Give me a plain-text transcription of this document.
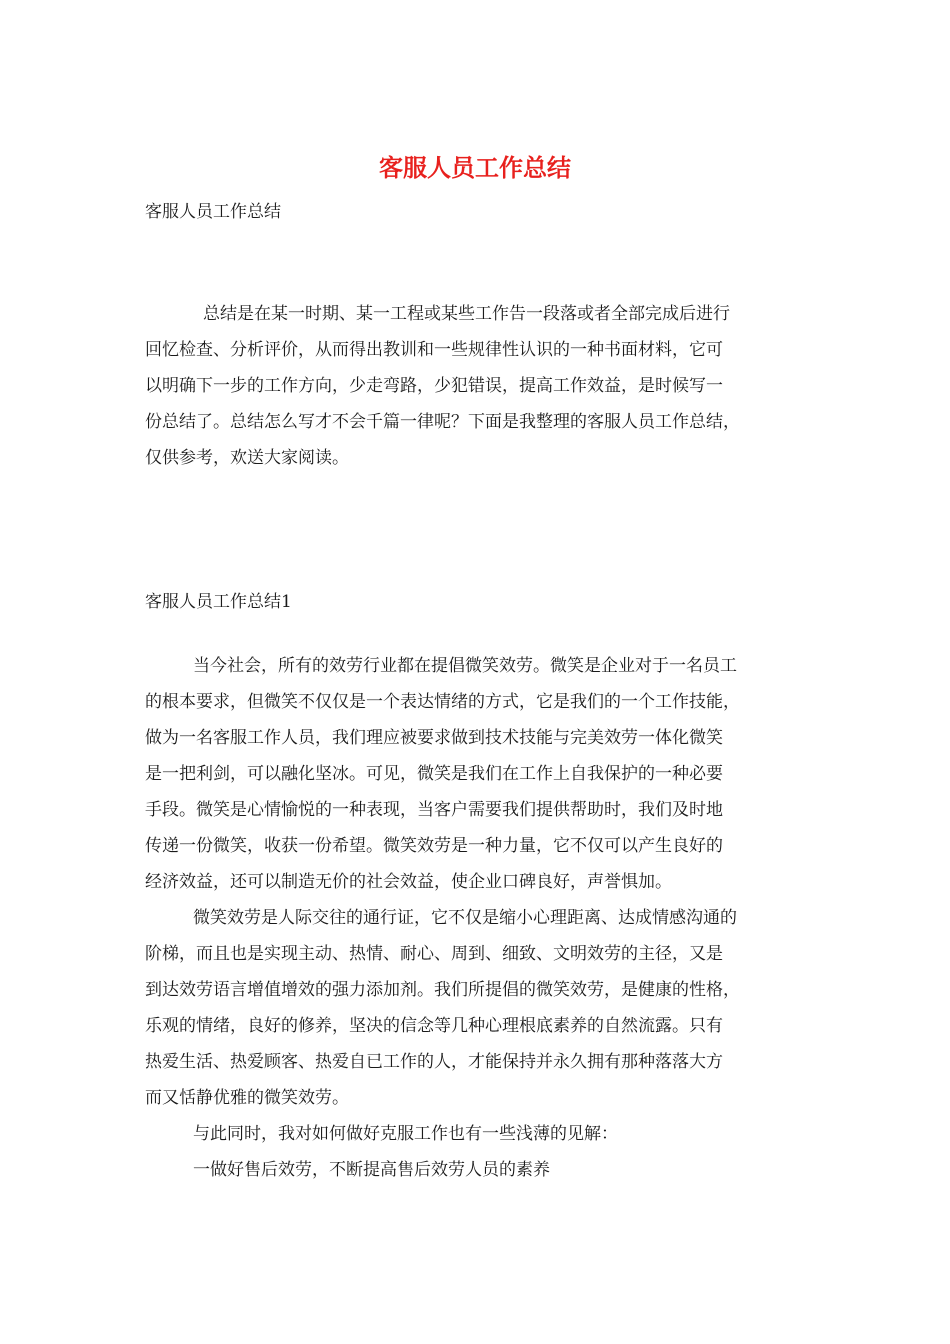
客服人员工作总结
客服人员工作总结
总结是在某一时期、某一工程或某些工作告一段落或者全部完成后进行
回忆检查、分析评价，从而得出教训和一些规律性认识的一种书面材料，它可
以明确下一步的工作方向，少走弯路，少犯错误，提高工作效益，是时候写一
份总结了。总结怎么写才不会千篇一律呢？下面是我整理的客服人员工作总结，
仅供参考，欢送大家阅读。
客服人员工作总结1
当今社会，所有的效劳行业都在提倡微笑效劳。微笑是企业对于一名员工
的根本要求，但微笑不仅仅是一个表达情绪的方式，它是我们的一个工作技能，
做为一名客服工作人员，我们理应被要求做到技术技能与完美效劳一体化微笑
是一把利剑，可以融化坚冰。可见，微笑是我们在工作上自我保护的一种必要
手段。微笑是心情愉悦的一种表现，当客户需要我们提供帮助时，我们及时地
传递一份微笑，收获一份希望。微笑效劳是一种力量，它不仅可以产生良好的
经济效益，还可以制造无价的社会效益，使企业口碑良好，声誉惧加。
微笑效劳是人际交往的通行证，它不仅是缩小心理距离、达成情感沟通的
阶梯，而且也是实现主动、热情、耐心、周到、细致、文明效劳的主径，又是
到达效劳语言增值增效的强力添加剂。我们所提倡的微笑效劳，是健康的性格，
乐观的情绪，良好的修养，坚决的信念等几种心理根底素养的自然流露。只有
热爱生活、热爱顾客、热爱自已工作的人，才能保持并永久拥有那种落落大方
而又恬静优雅的微笑效劳。
与此同时，我对如何做好克服工作也有一些浅薄的见解：
一做好售后效劳，不断提高售后效劳人员的素养
